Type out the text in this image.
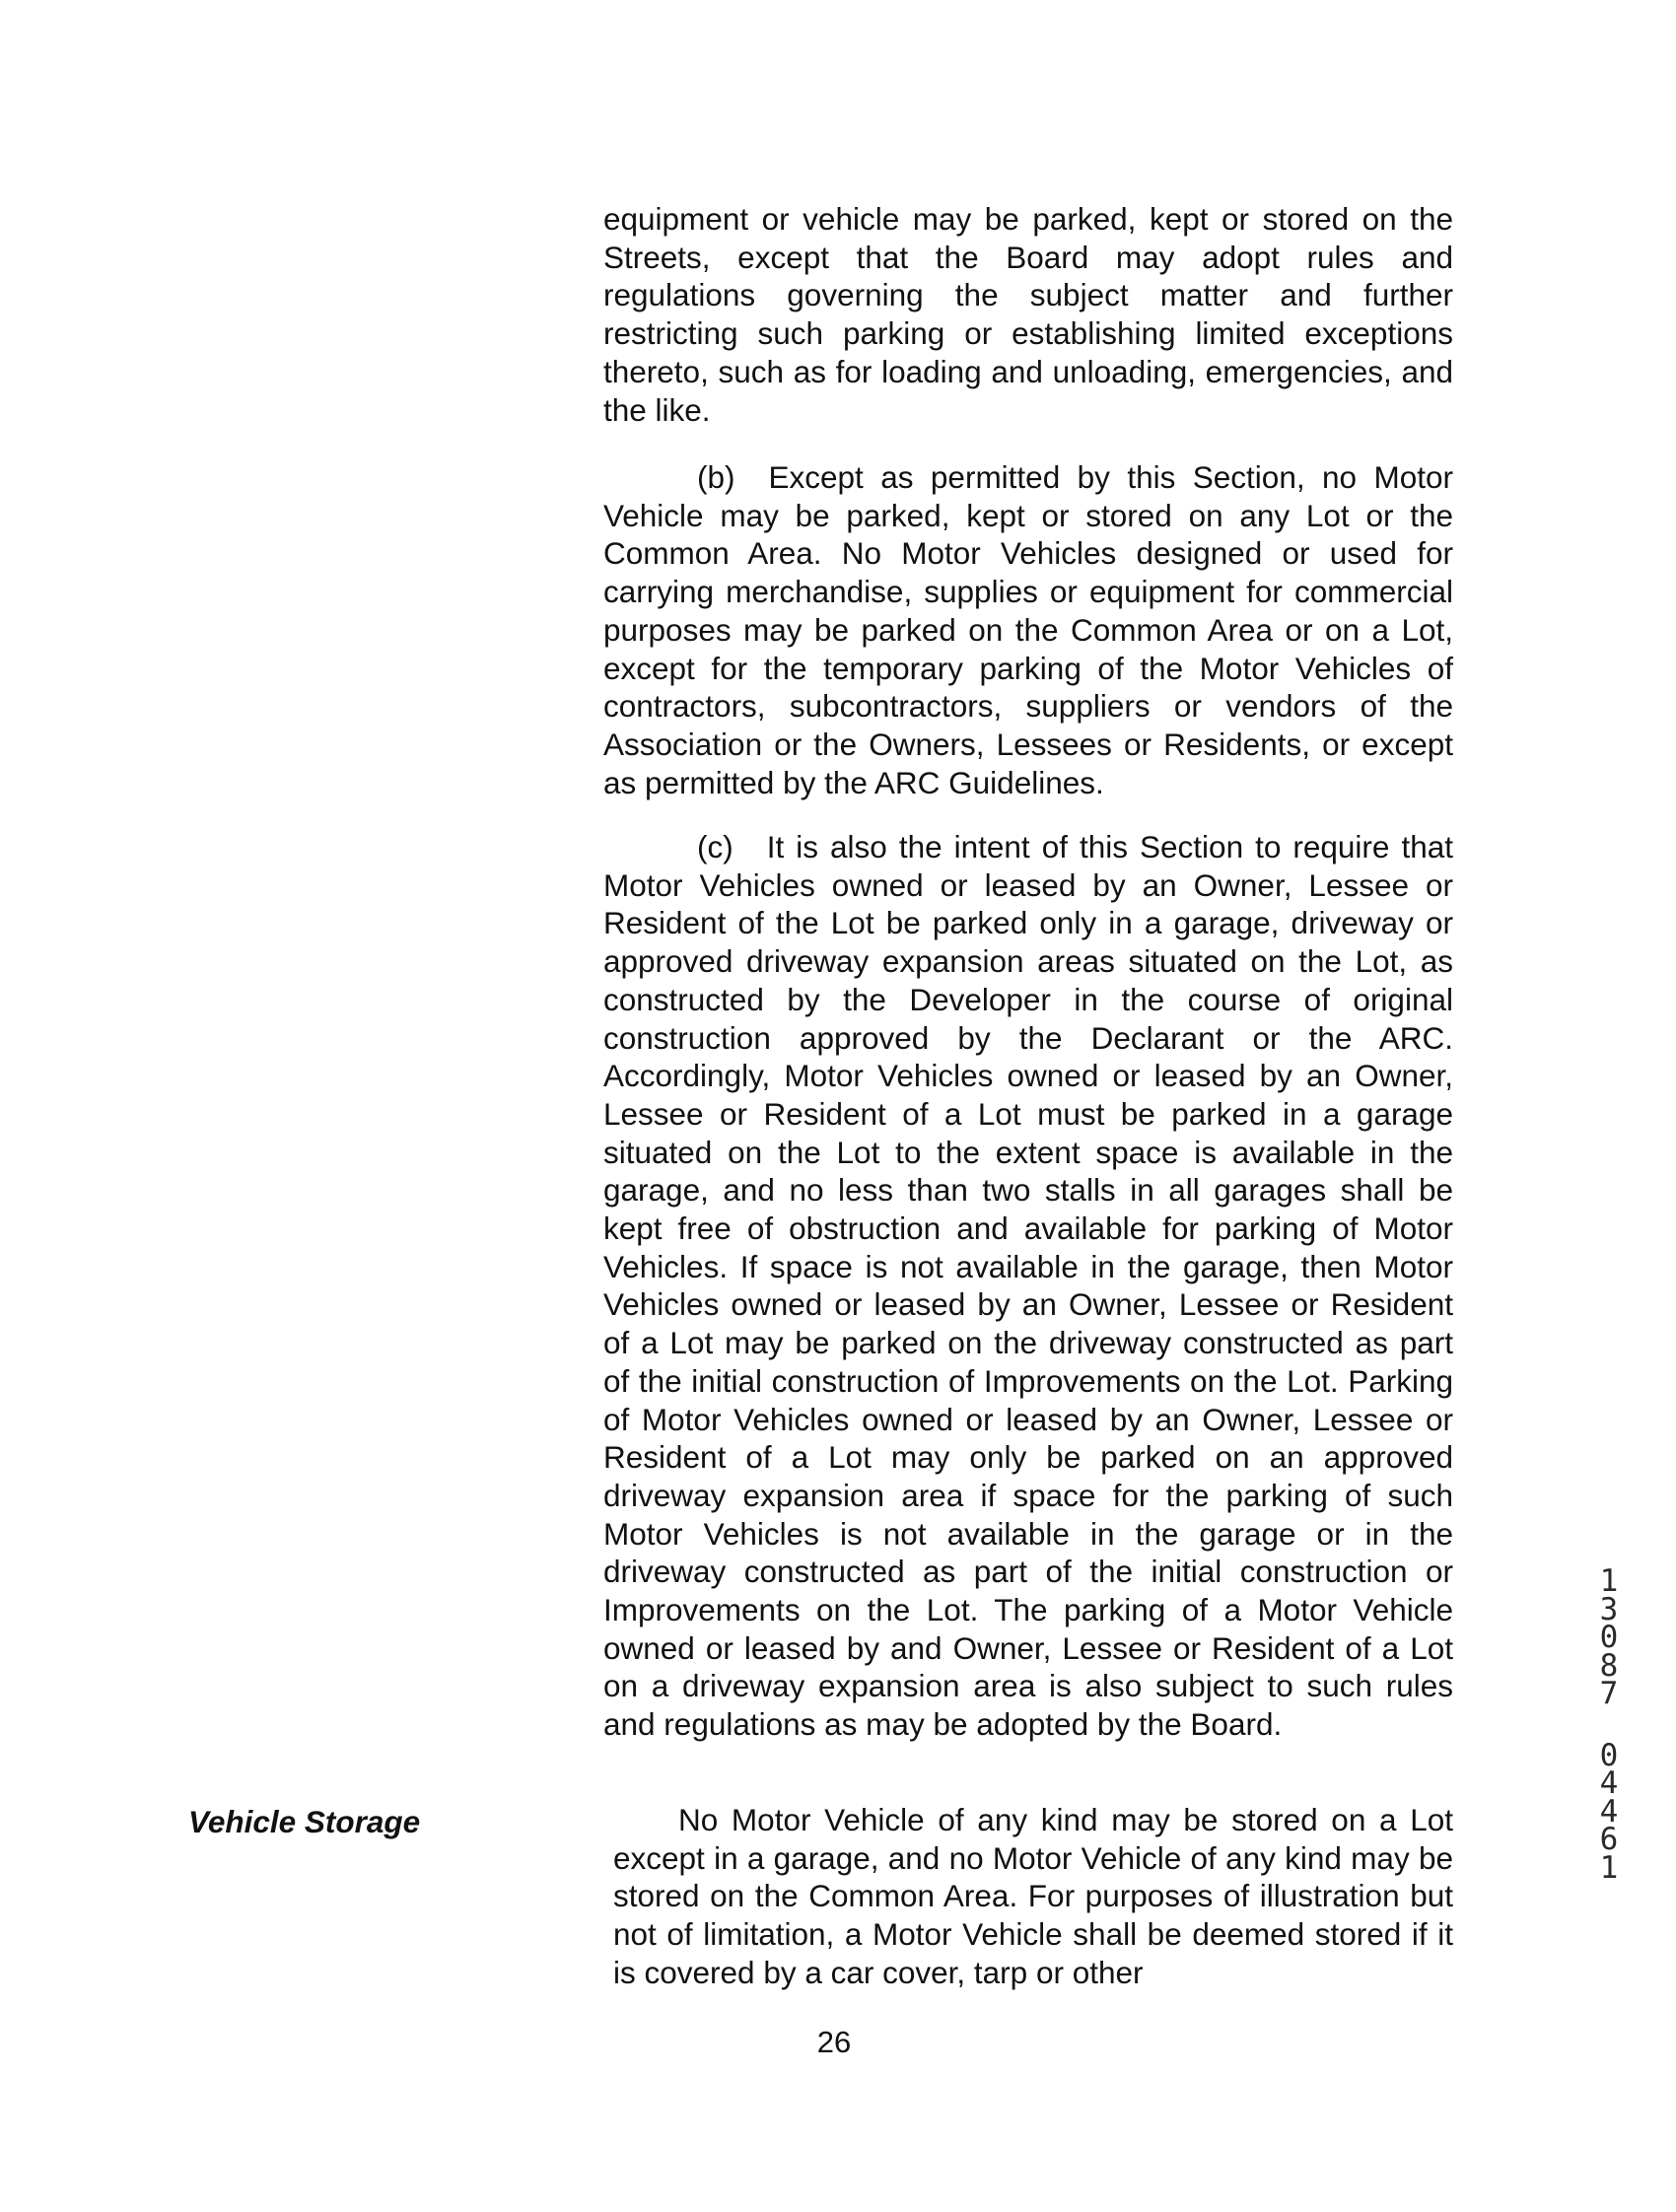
equipment or vehicle may be parked, kept or stored on the Streets, except that the Board may adopt rules and regulations governing the subject matter and further restricting such parking or establishing limited exceptions thereto, such as for loading and unloading, emergencies, and the like.

(b) Except as permitted by this Section, no Motor Vehicle may be parked, kept or stored on any Lot or the Common Area. No Motor Vehicles designed or used for carrying merchandise, supplies or equipment for commercial purposes may be parked on the Common Area or on a Lot, except for the temporary parking of the Motor Vehicles of contractors, subcontractors, suppliers or vendors of the Association or the Owners, Lessees or Residents, or except as permitted by the ARC Guidelines.

(c) It is also the intent of this Section to require that Motor Vehicles owned or leased by an Owner, Lessee or Resident of the Lot be parked only in a garage, driveway or approved driveway expansion areas situated on the Lot, as constructed by the Developer in the course of original construction approved by the Declarant or the ARC. Accordingly, Motor Vehicles owned or leased by an Owner, Lessee or Resident of a Lot must be parked in a garage situated on the Lot to the extent space is available in the garage, and no less than two stalls in all garages shall be kept free of obstruction and available for parking of Motor Vehicles. If space is not available in the garage, then Motor Vehicles owned or leased by an Owner, Lessee or Resident of a Lot may be parked on the driveway constructed as part of the initial construction of Improvements on the Lot. Parking of Motor Vehicles owned or leased by an Owner, Lessee or Resident of a Lot may only be parked on an approved driveway expansion area if space for the parking of such Motor Vehicles is not available in the garage or in the driveway constructed as part of the initial construction or Improvements on the Lot. The parking of a Motor Vehicle owned or leased by and Owner, Lessee or Resident of a Lot on a driveway expansion area is also subject to such rules and regulations as may be adopted by the Board.

Vehicle Storage	No Motor Vehicle of any kind may be stored on a Lot except in a garage, and no Motor Vehicle of any kind may be stored on the Common Area. For purposes of illustration but not of limitation, a Motor Vehicle shall be deemed stored if it is covered by a car cover, tarp or other

26
13087
04461
